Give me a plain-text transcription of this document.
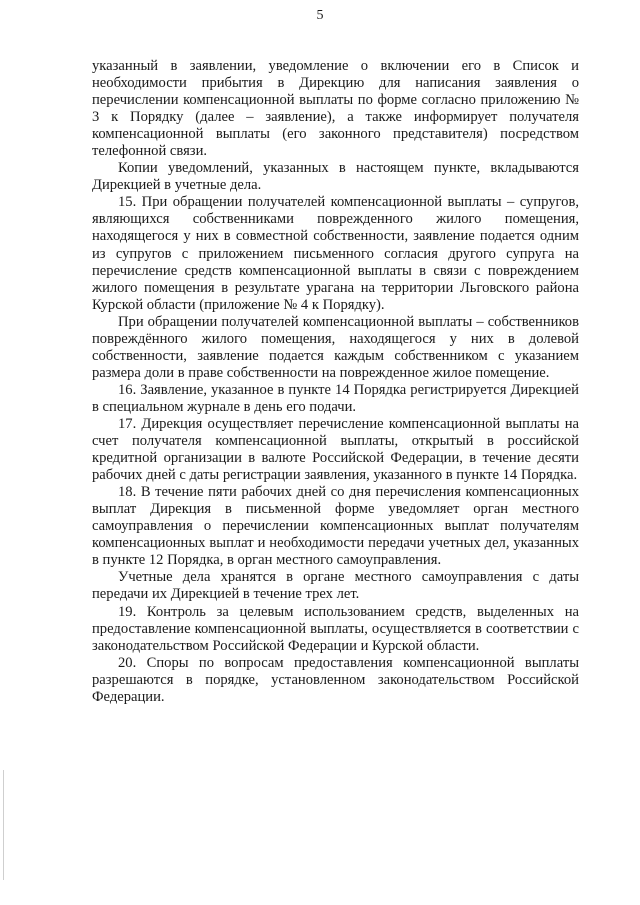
5

указанный в заявлении, уведомление о включении его в Список и необходимости прибытия в Дирекцию для написания заявления о перечислении компенсационной выплаты по форме согласно приложению № 3 к Порядку (далее – заявление), а также информирует получателя компенсационной выплаты (его законного представителя) посредством телефонной связи.

Копии уведомлений, указанных в настоящем пункте, вкладываются Дирекцией в учетные дела.

15. При обращении получателей компенсационной выплаты – супругов, являющихся собственниками поврежденного жилого помещения, находящегося у них в совместной собственности, заявление подается одним из супругов с приложением письменного согласия другого супруга на перечисление средств компенсационной выплаты в связи с повреждением жилого помещения в результате урагана на территории Льговского района Курской области (приложение № 4 к Порядку).

При обращении получателей компенсационной выплаты – собственников повреждённого жилого помещения, находящегося у них в долевой собственности, заявление подается каждым собственником с указанием размера доли в праве собственности на поврежденное жилое помещение.

16. Заявление, указанное в пункте 14 Порядка регистрируется Дирекцией в специальном журнале в день его подачи.

17. Дирекция осуществляет перечисление компенсационной выплаты на счет получателя компенсационной выплаты, открытый в российской кредитной организации в валюте Российской Федерации, в течение десяти рабочих дней с даты регистрации заявления, указанного в пункте 14 Порядка.

18. В течение пяти рабочих дней со дня перечисления компенсационных выплат Дирекция в письменной форме уведомляет орган местного самоуправления о перечислении компенсационных выплат получателям компенсационных выплат и необходимости передачи учетных дел, указанных в пункте 12 Порядка, в орган местного самоуправления.

Учетные дела хранятся в органе местного самоуправления с даты передачи их Дирекцией в течение трех лет.

19. Контроль за целевым использованием средств, выделенных на предоставление компенсационной выплаты, осуществляется в соответствии с законодательством Российской Федерации и Курской области.

20. Споры по вопросам предоставления компенсационной выплаты разрешаются в порядке, установленном законодательством Российской Федерации.
